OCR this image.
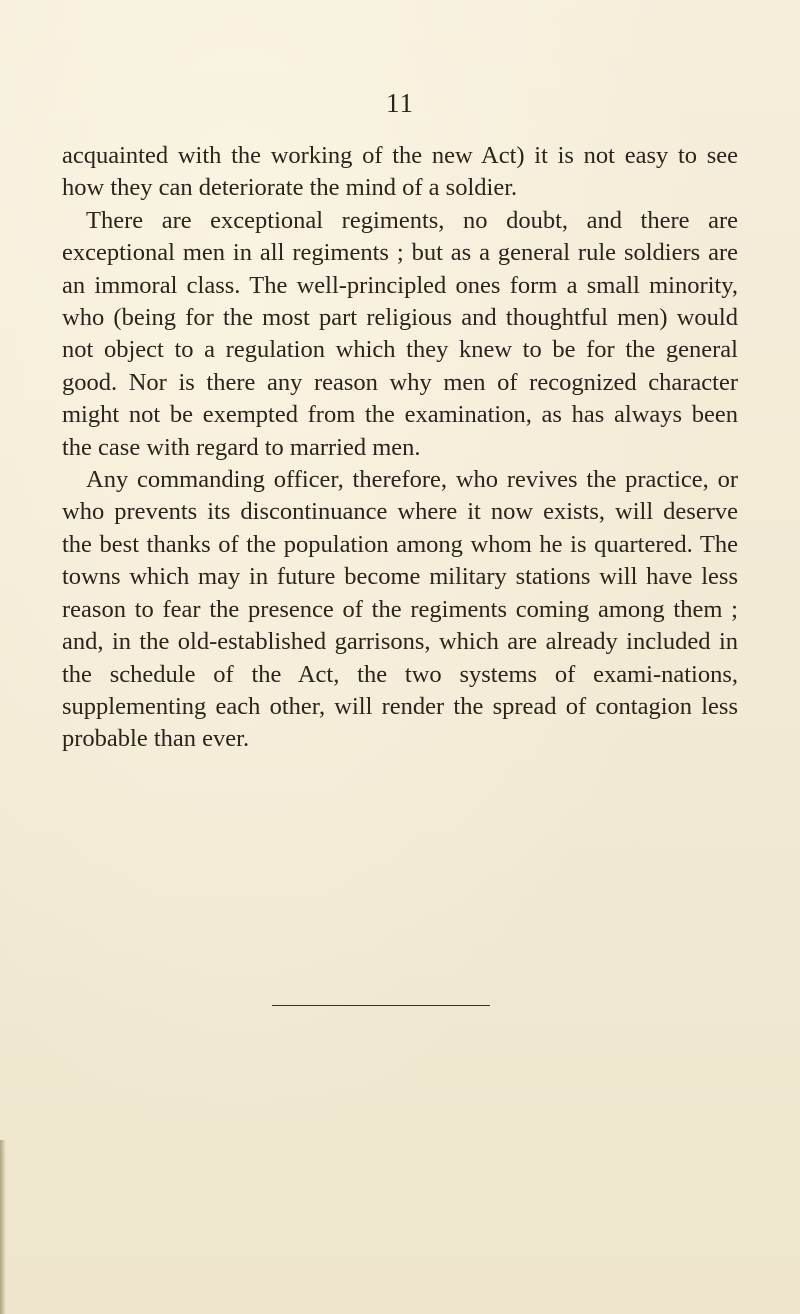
11

acquainted with the working of the new Act) it is not easy to see how they can deteriorate the mind of a soldier.

There are exceptional regiments, no doubt, and there are exceptional men in all regiments ; but as a general rule soldiers are an immoral class. The well-principled ones form a small minority, who (being for the most part religious and thoughtful men) would not object to a regulation which they knew to be for the general good. Nor is there any reason why men of recognized character might not be exempted from the examination, as has always been the case with regard to married men.

Any commanding officer, therefore, who revives the practice, or who prevents its discontinuance where it now exists, will deserve the best thanks of the population among whom he is quartered. The towns which may in future become military stations will have less reason to fear the presence of the regiments coming among them ; and, in the old-established garrisons, which are already included in the schedule of the Act, the two systems of exami-nations, supplementing each other, will render the spread of contagion less probable than ever.
